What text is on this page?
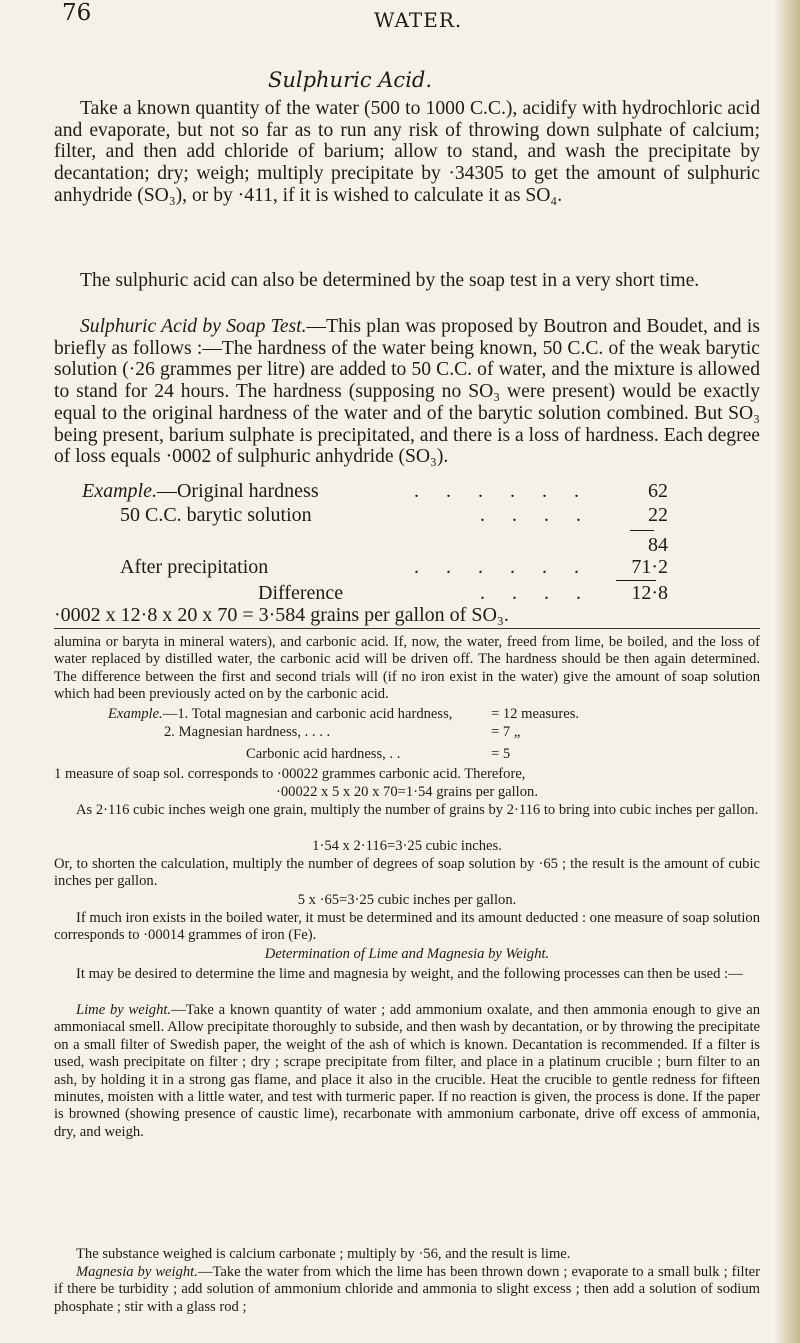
76	WATER.
Sulphuric Acid.
Take a known quantity of the water (500 to 1000 C.C.), acidify with hydrochloric acid and evaporate, but not so far as to run any risk of throwing down sulphate of calcium; filter, and then add chloride of barium; allow to stand, and wash the precipitate by decantation; dry; weigh; multiply precipitate by ·34305 to get the amount of sulphuric anhydride (SO₃), or by ·411, if it is wished to calculate it as SO₄.
The sulphuric acid can also be determined by the soap test in a very short time.
Sulphuric Acid by Soap Test.—This plan was proposed by Boutron and Boudet, and is briefly as follows :—The hardness of the water being known, 50 C.C. of the weak barytic solution (·26 grammes per litre) are added to 50 C.C. of water, and the mixture is allowed to stand for 24 hours. The hardness (supposing no SO₃ were present) would be exactly equal to the original hardness of the water and of the barytic solution combined. But SO₃ being present, barium sulphate is precipitated, and there is a loss of hardness. Each degree of loss equals ·0002 of sulphuric anhydride (SO₃).
Example.—Original hardness	. . . . . .	62
50 C.C. barytic solution	. . . .	22
84
After precipitation	. . . . . . 71·2
Difference	. . . . 12·8
·0002 x 12·8 x 20 x 70 = 3·584 grains per gallon of SO₃.
alumina or baryta in mineral waters), and carbonic acid. If, now, the water, freed from lime, be boiled, and the loss of water replaced by distilled water, the carbonic acid will be driven off. The hardness should be then again determined. The difference between the first and second trials will (if no iron exist in the water) give the amount of soap solution which had been previously acted on by the carbonic acid.
Example.—1. Total magnesian and carbonic acid hardness,	= 12 measures.
2. Magnesian hardness, . . . .	= 7 „
Carbonic acid hardness, . .	= 5
1 measure of soap sol. corresponds to ·00022 grammes carbonic acid. Therefore,
·00022 x 5 x 20 x 70=1·54 grains per gallon.
As 2·116 cubic inches weigh one grain, multiply the number of grains by 2·116 to bring into cubic inches per gallon.
1·54 x 2·116=3·25 cubic inches.
Or, to shorten the calculation, multiply the number of degrees of soap solution by ·65 ; the result is the amount of cubic inches per gallon.
5 x ·65=3·25 cubic inches per gallon.
If much iron exists in the boiled water, it must be determined and its amount deducted : one measure of soap solution corresponds to ·00014 grammes of iron (Fe).
Determination of Lime and Magnesia by Weight.
It may be desired to determine the lime and magnesia by weight, and the following processes can then be used :—
Lime by weight.—Take a known quantity of water ; add ammonium oxalate, and then ammonia enough to give an ammoniacal smell. Allow precipitate thoroughly to subside, and then wash by decantation, or by throwing the precipitate on a small filter of Swedish paper, the weight of the ash of which is known. Decantation is recommended. If a filter is used, wash precipitate on filter ; dry ; scrape precipitate from filter, and place in a platinum crucible ; burn filter to an ash, by holding it in a strong gas flame, and place it also in the crucible. Heat the crucible to gentle redness for fifteen minutes, moisten with a little water, and test with turmeric paper. If no reaction is given, the process is done. If the paper is browned (showing presence of caustic lime), recarbonate with ammonium carbonate, drive off excess of ammonia, dry, and weigh.
The substance weighed is calcium carbonate ; multiply by ·56, and the result is lime.
Magnesia by weight.—Take the water from which the lime has been thrown down ; evaporate to a small bulk ; filter if there be turbidity ; add solution of ammonium chloride and ammonia to slight excess ; then add a solution of sodium phosphate ; stir with a glass rod ;
